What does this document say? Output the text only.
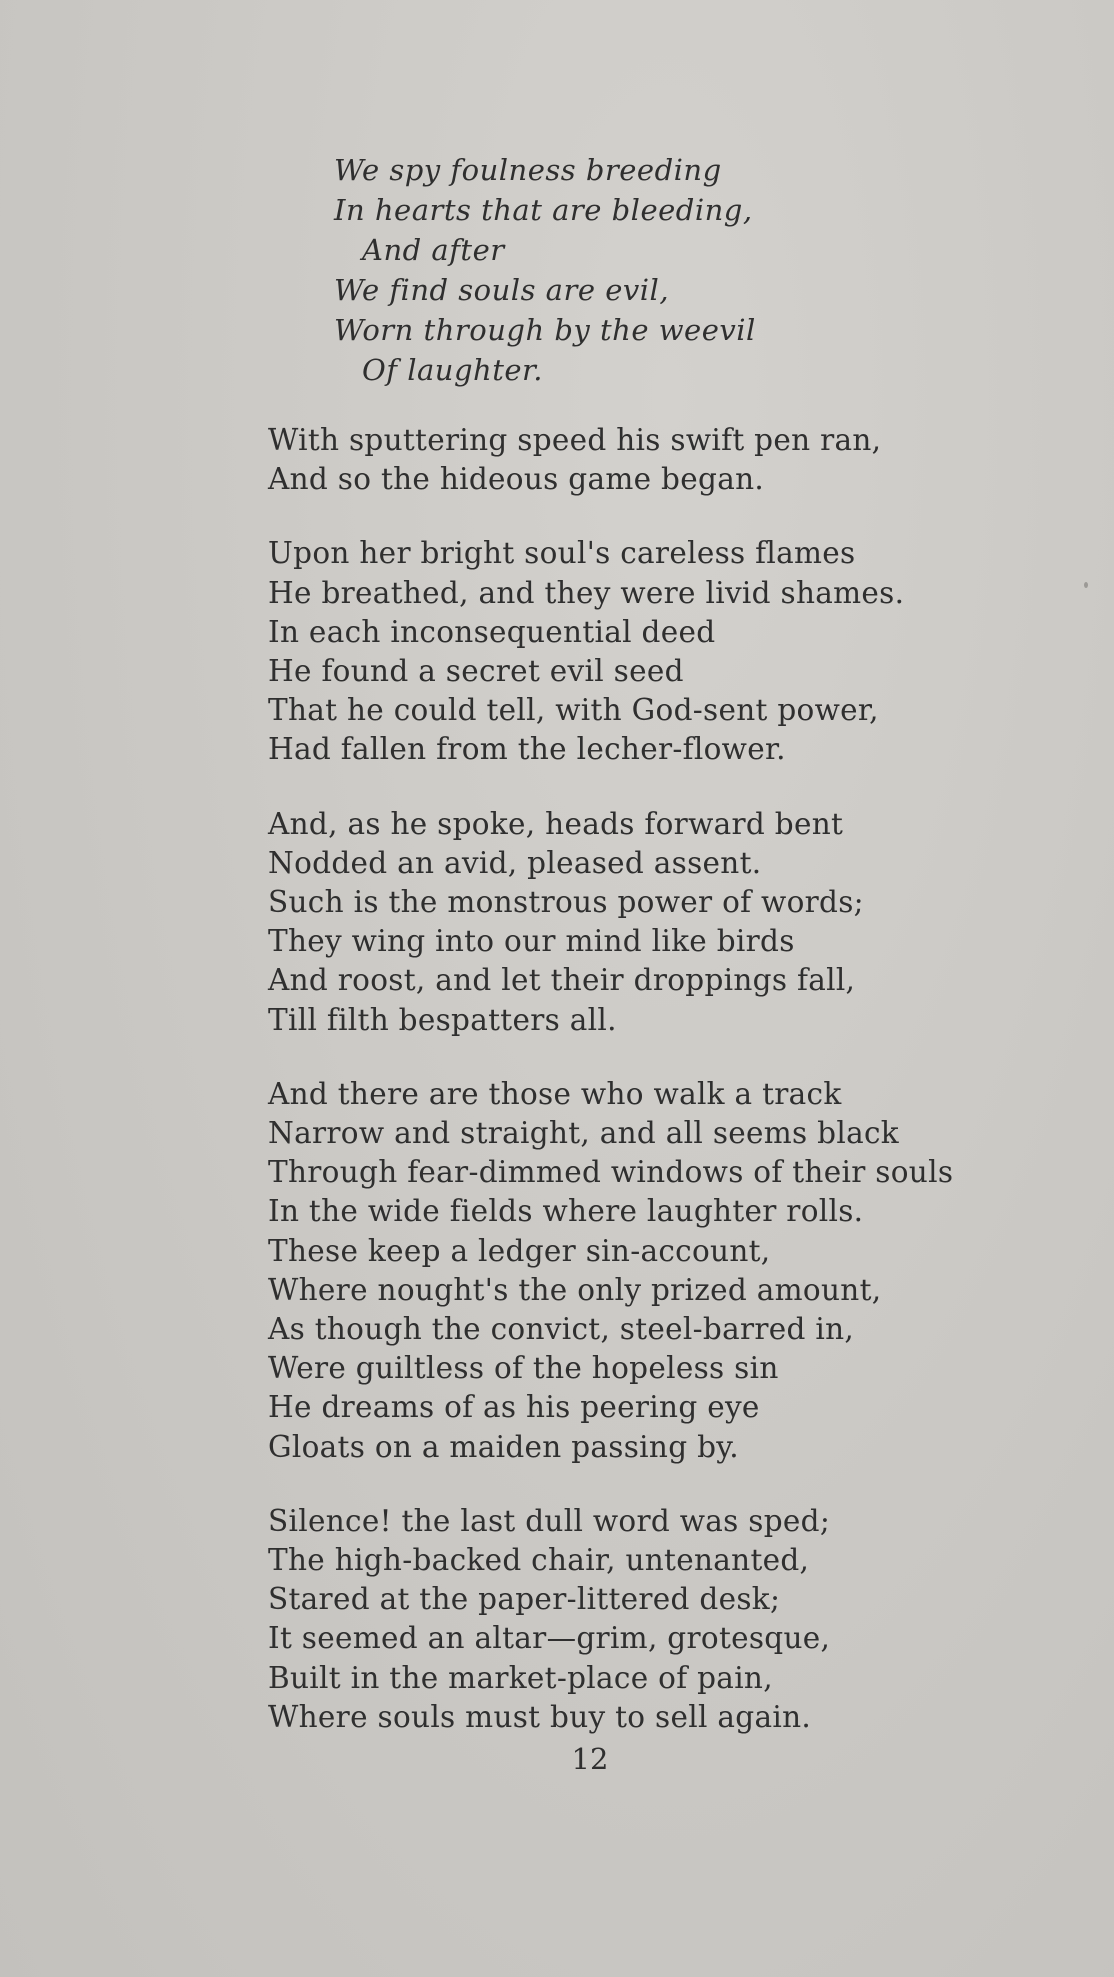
We spy foulness breeding
In hearts that are bleeding,
And after
We find souls are evil,
Worn through by the weevil
Of laughter.
With sputtering speed his swift pen ran,
And so the hideous game began.
Upon her bright soul's careless flames
He breathed, and they were livid shames.
In each inconsequential deed
He found a secret evil seed
That he could tell, with God-sent power,
Had fallen from the lecher-flower.
And, as he spoke, heads forward bent
Nodded an avid, pleased assent.
Such is the monstrous power of words;
They wing into our mind like birds
And roost, and let their droppings fall,
Till filth bespatters all.
And there are those who walk a track
Narrow and straight, and all seems black
Through fear-dimmed windows of their souls
In the wide fields where laughter rolls.
These keep a ledger sin-account,
Where nought's the only prized amount,
As though the convict, steel-barred in,
Were guiltless of the hopeless sin
He dreams of as his peering eye
Gloats on a maiden passing by.
Silence! the last dull word was sped;
The high-backed chair, untenanted,
Stared at the paper-littered desk;
It seemed an altar—grim, grotesque,
Built in the market-place of pain,
Where souls must buy to sell again.
12
